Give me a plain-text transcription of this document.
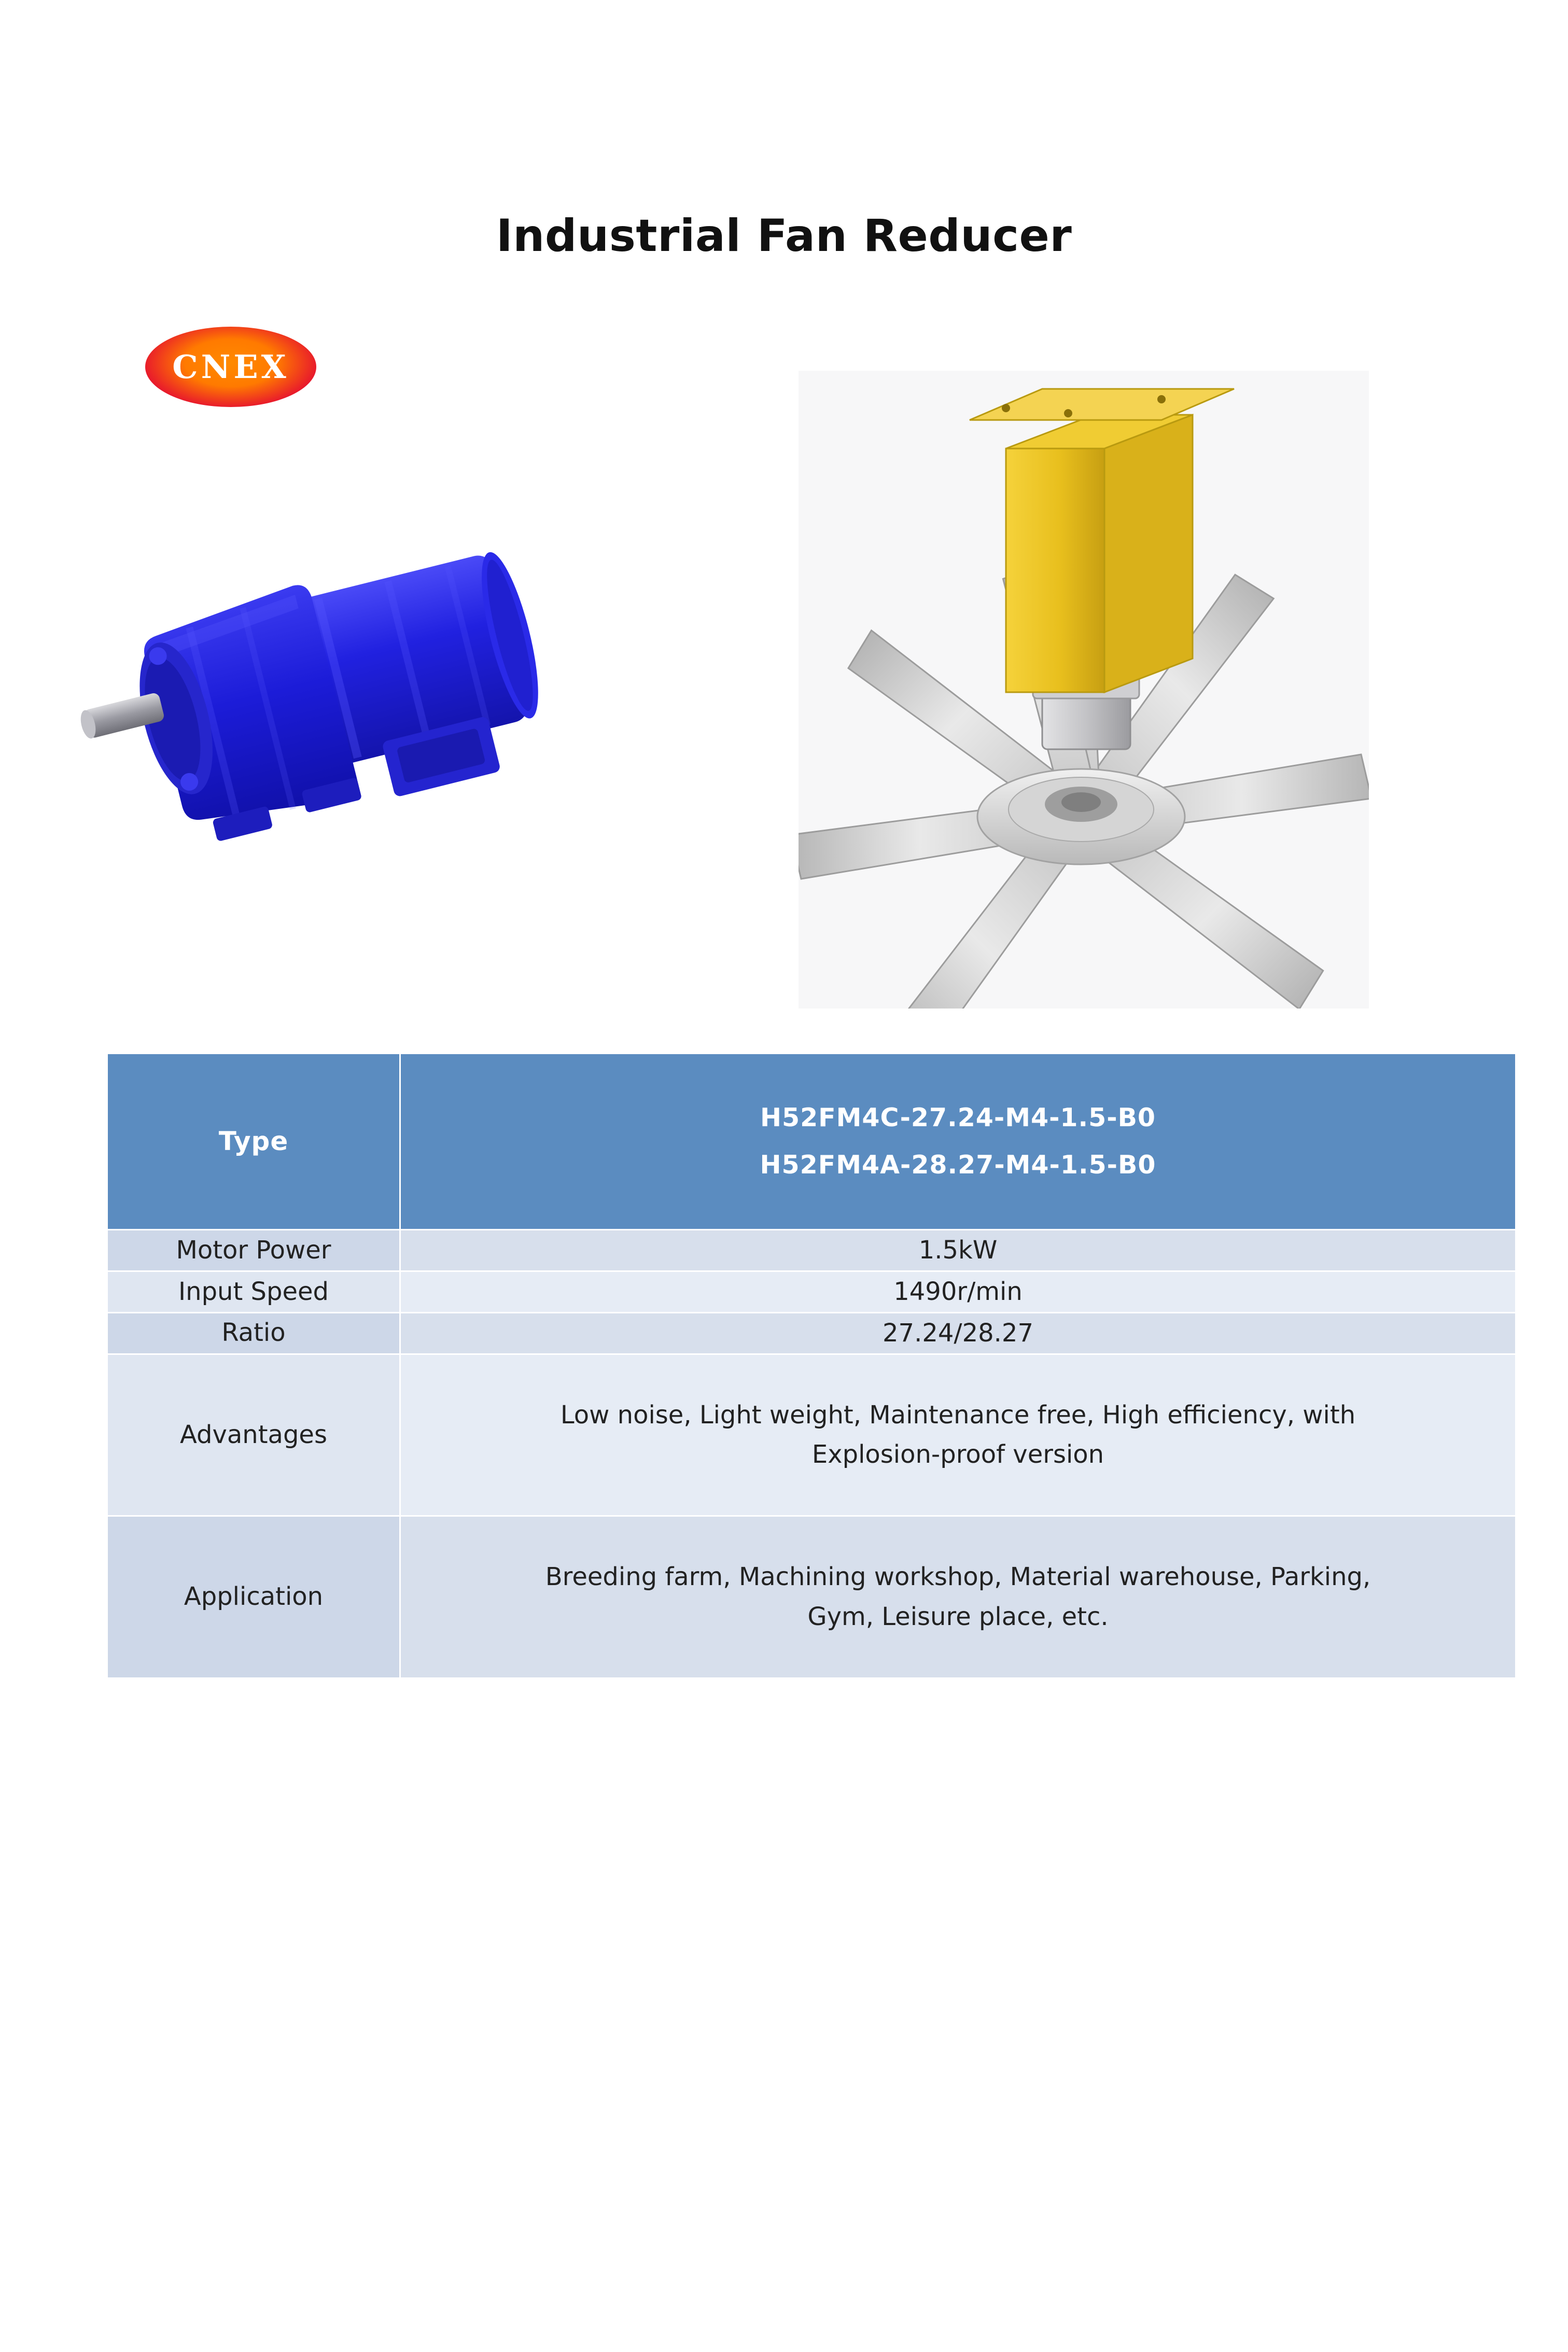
Industrial Fan Reducer
CNEX
Type	H52FM4C-27.24-M4-1.5-B0
H52FM4A-28.27-M4-1.5-B0

Motor Power	1.5kW
Input Speed	1490r/min
Ratio	27.24/28.27
Advantages	Low noise, Light weight, Maintenance free, High efficiency, with
Explosion-proof version

Application	Breeding farm, Machining workshop, Material warehouse, Parking,
Gym, Leisure place, etc.
